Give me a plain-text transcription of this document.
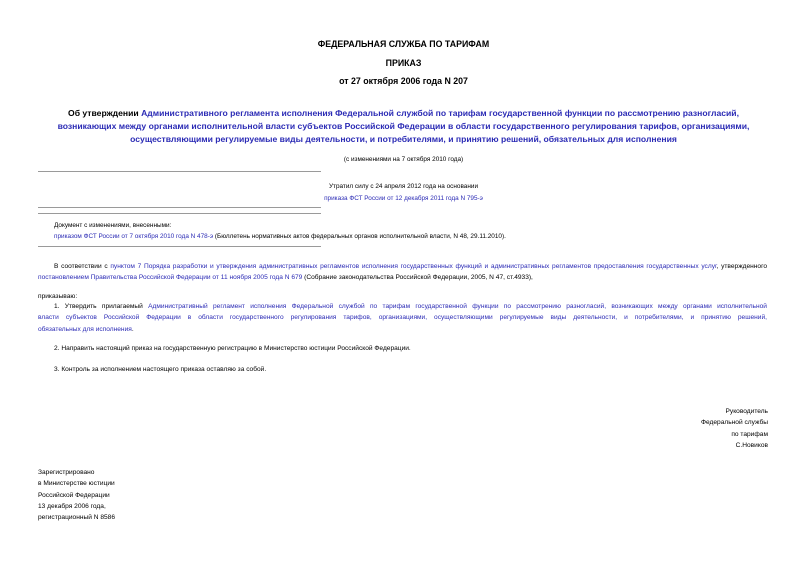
ФЕДЕРАЛЬНАЯ СЛУЖБА ПО ТАРИФАМ
ПРИКАЗ
от 27 октября 2006 года N 207
Об утверждении Административного регламента исполнения Федеральной службой по тарифам государственной функции по рассмотрению разногласий,
возникающих между органами исполнительной власти субъектов Российской Федерации в области государственного регулирования тарифов, организациями,
осуществляющими регулируемые виды деятельности, и потребителями, и принятию решений, обязательных для исполнения
(с изменениями на 7 октября 2010 года)
Утратил силу с 24 апреля 2012 года на основании
приказа ФСТ России от 12 декабря 2011 года N 795-э
Документ с изменениями, внесенными:
приказом ФСТ России от 7 октября 2010 года N 478-э (Бюллетень нормативных актов федеральных органов исполнительной власти, N 48, 29.11.2010).
В соответствии с пунктом 7 Порядка разработки и утверждения административных регламентов исполнения государственных функций и административных регламентов предоставления государственных услуг, утвержденного
постановлением Правительства Российской Федерации от 11 ноября 2005 года N 679 (Собрание законодательства Российской Федерации, 2005, N 47, ст.4933),
приказываю:
1. Утвердить прилагаемый Административный регламент исполнения Федеральной службой по тарифам государственной функции по рассмотрению разногласий, возникающих между органами исполнительной
власти субъектов Российской Федерации в области государственного регулирования тарифов, организациями, осуществляющими регулируемые виды деятельности, и потребителями, и принятию решений,
обязательных для исполнения.
2. Направить настоящий приказ на государственную регистрацию в Министерство юстиции Российской Федерации.
3. Контроль за исполнением настоящего приказа оставляю за собой.
Руководитель
Федеральной службы
по тарифам
С.Новиков
Зарегистрировано
в Министерстве юстиции
Российской Федерации
13 декабря 2006 года,
регистрационный N 8586
